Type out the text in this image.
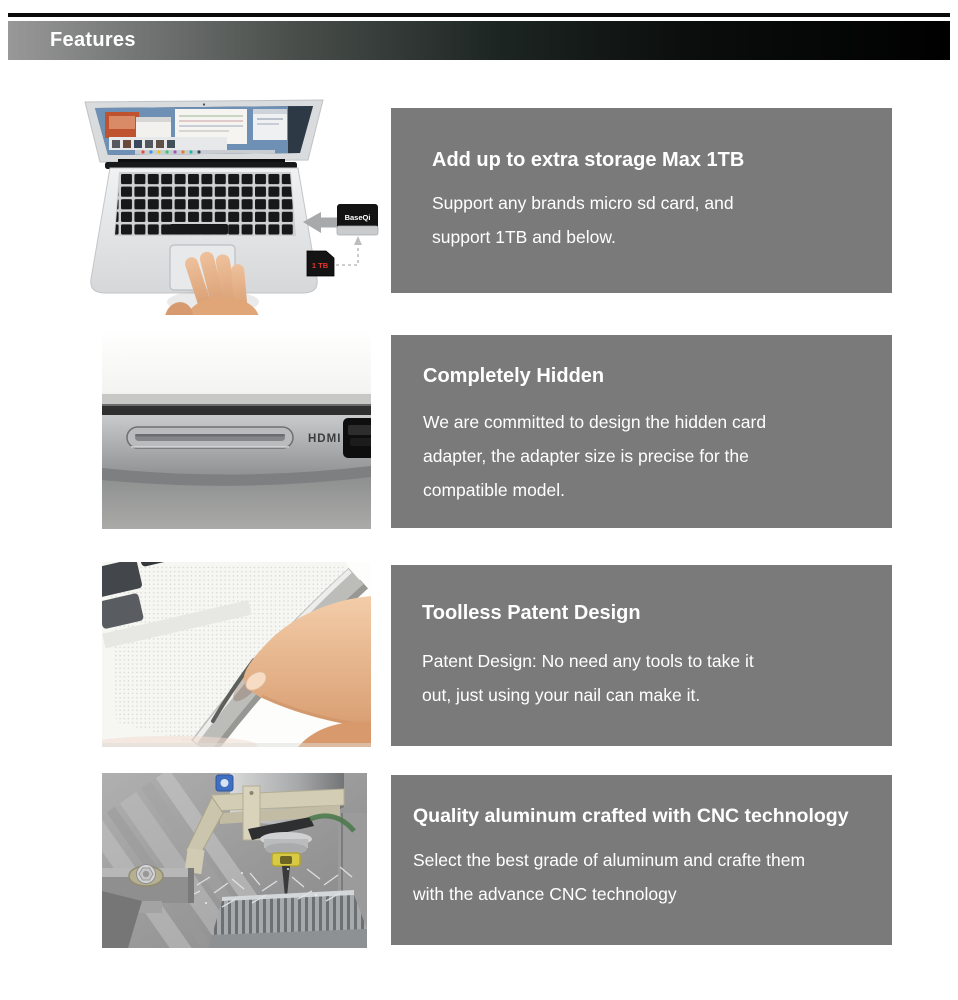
Features
BaseQi
1 TB
Add up to extra storage Max 1TB
Support any brands micro sd card, and
support 1TB and below.
HDMI
Completely Hidden
We are committed to design the hidden card
adapter, the adapter size is precise for the
compatible model.
Toolless Patent Design
Patent Design: No need any tools to take it
out, just using your nail can make it.
Quality aluminum crafted with CNC technology
Select the best grade of aluminum and crafte them
with the advance CNC technology
